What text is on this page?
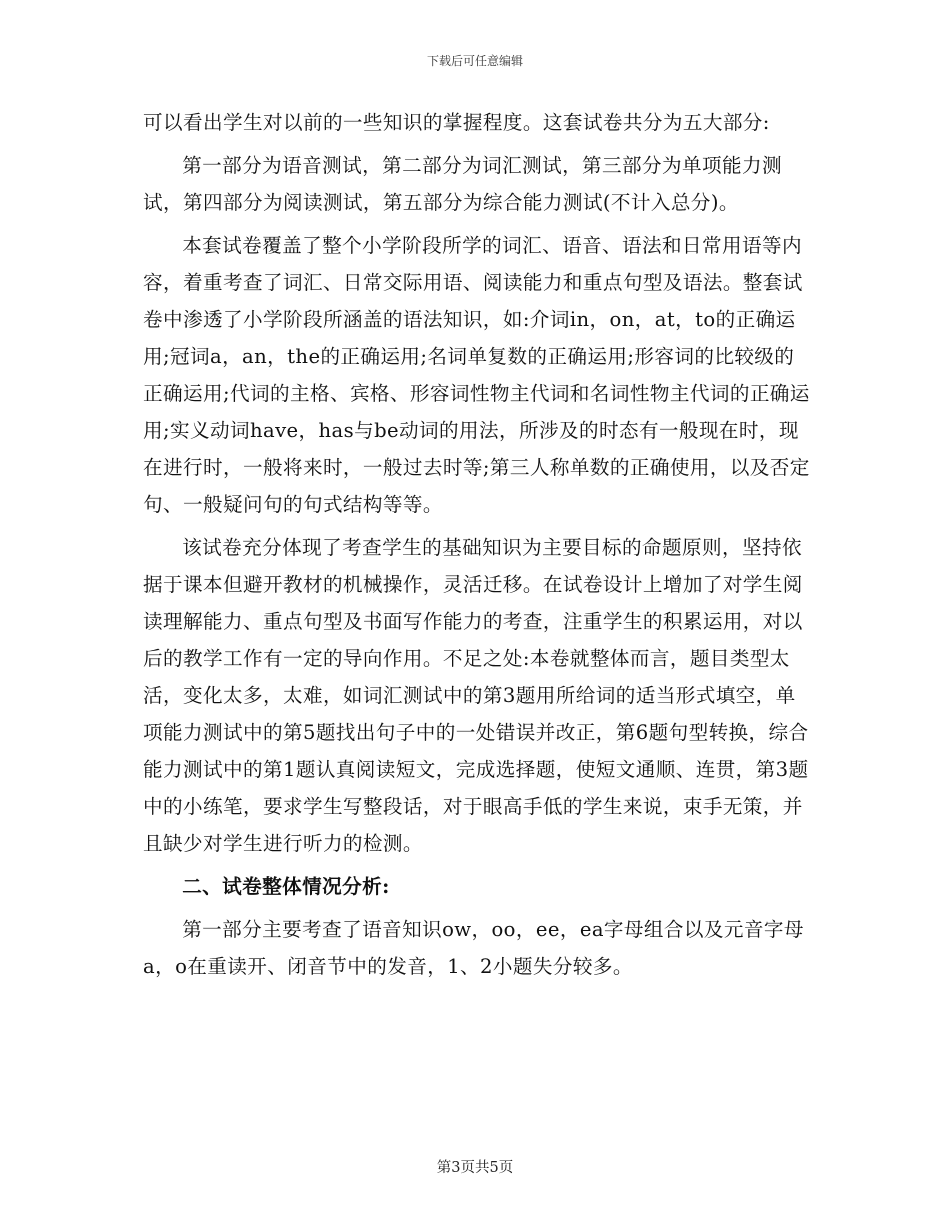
下载后可任意编辑

可以看出学生对以前的一些知识的掌握程度。这套试卷共分为五大部分:

第一部分为语音测试，第二部分为词汇测试，第三部分为单项能力测试，第四部分为阅读测试，第五部分为综合能力测试(不计入总分)。

本套试卷覆盖了整个小学阶段所学的词汇、语音、语法和日常用语等内容，着重考查了词汇、日常交际用语、阅读能力和重点句型及语法。整套试卷中渗透了小学阶段所涵盖的语法知识，如:介词in，on，at，to的正确运用;冠词a，an，the的正确运用;名词单复数的正确运用;形容词的比较级的正确运用;代词的主格、宾格、形容词性物主代词和名词性物主代词的正确运用;实义动词have，has与be动词的用法，所涉及的时态有一般现在时，现在进行时，一般将来时，一般过去时等;第三人称单数的正确使用，以及否定句、一般疑问句的句式结构等等。

该试卷充分体现了考查学生的基础知识为主要目标的命题原则，坚持依据于课本但避开教材的机械操作，灵活迁移。在试卷设计上增加了对学生阅读理解能力、重点句型及书面写作能力的考查，注重学生的积累运用，对以后的教学工作有一定的导向作用。不足之处:本卷就整体而言，题目类型太活，变化太多，太难，如词汇测试中的第3题用所给词的适当形式填空，单项能力测试中的第5题找出句子中的一处错误并改正，第6题句型转换，综合能力测试中的第1题认真阅读短文，完成选择题，使短文通顺、连贯，第3题中的小练笔，要求学生写整段话，对于眼高手低的学生来说，束手无策，并且缺少对学生进行听力的检测。

二、试卷整体情况分析:

第一部分主要考查了语音知识ow，oo，ee，ea字母组合以及元音字母a，o在重读开、闭音节中的发音，1、2小题失分较多。

第3页共5页
